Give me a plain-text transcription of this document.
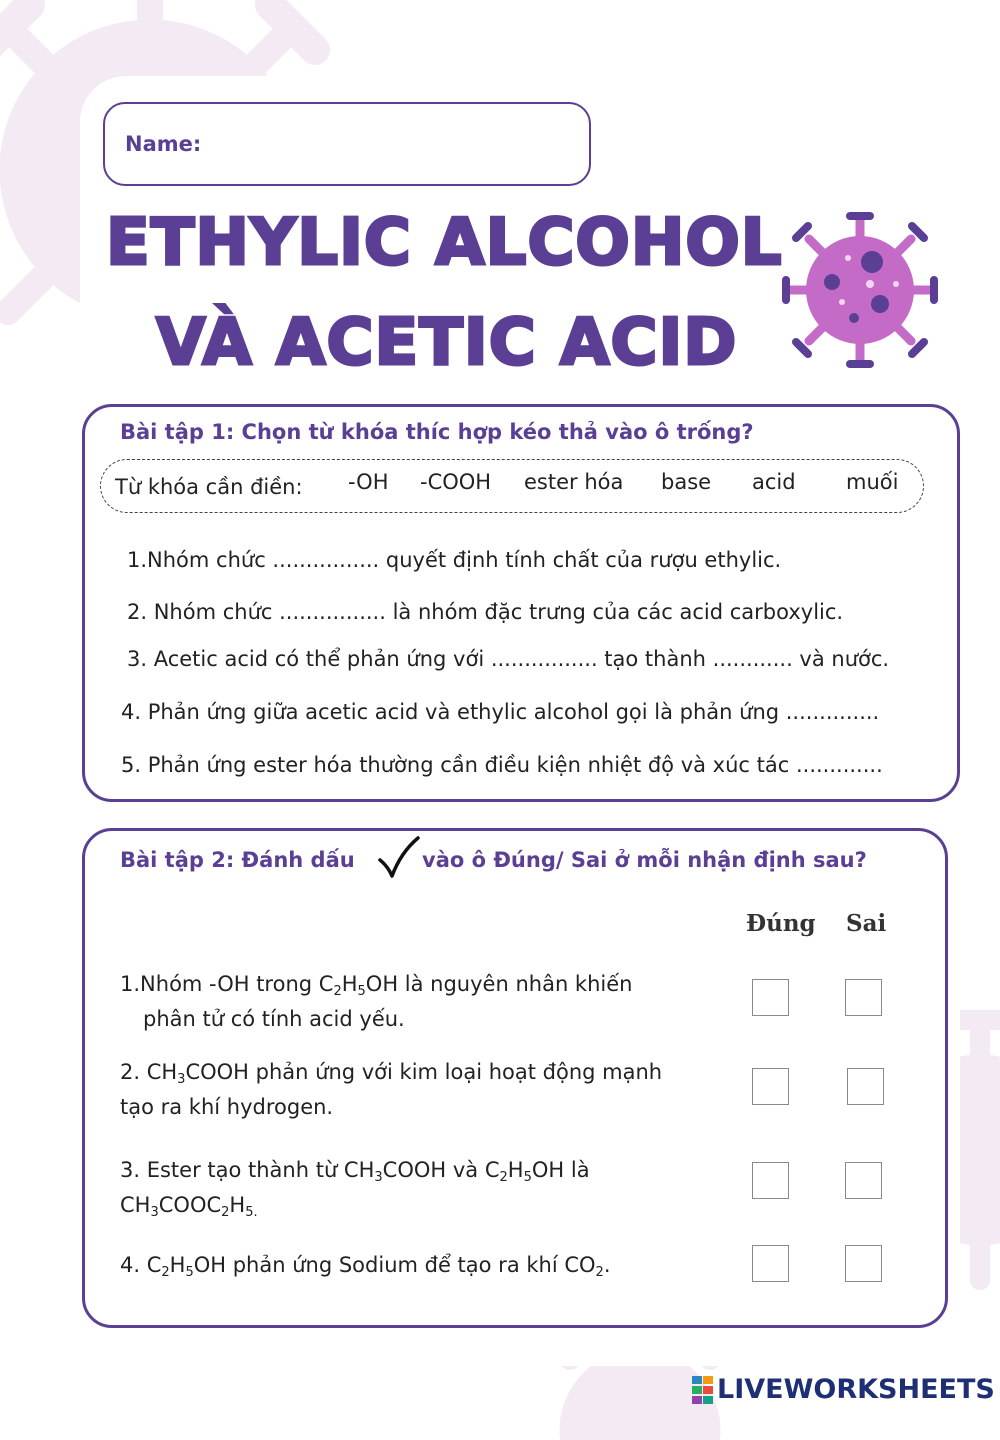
Name:
ETHYLIC ALCOHOL
VÀ ACETIC ACID
Bài tập 1: Chọn từ khóa thíc hợp kéo thả vào ô trống?
Từ khóa cần điền: -OH -COOH ester hóa base acid muối

1.Nhóm chức ................ quyết định tính chất của rượu ethylic.

2. Nhóm chức ................ là nhóm đặc trưng của các acid carboxylic.

3. Acetic acid có thể phản ứng với ................ tạo thành ............ và nước.

4. Phản ứng giữa acetic acid và ethylic alcohol gọi là phản ứng ..............

5. Phản ứng ester hóa thường cần điều kiện nhiệt độ và xúc tác .............

Bài tập 2: Đánh dấu	vào ô Đúng/ Sai ở mỗi nhận định sau?
Đúng Sai
1.Nhóm -OH trong $C_2H_5OH$ là nguyên nhân khiến
phân tử có tính acid yếu.
2. $CH_3COOH$ phản ứng với kim loại hoạt động mạnh
tạo ra khí hydrogen.
3. Ester tạo thành từ $CH_3COOH$ và $C_2H_5OH$ là
$CH_3COOC_2H_{5.}$
4. $C_2H_5OH$ phản ứng Sodium để tạo ra khí $CO_2$.
LIVEWORKSHEETS
